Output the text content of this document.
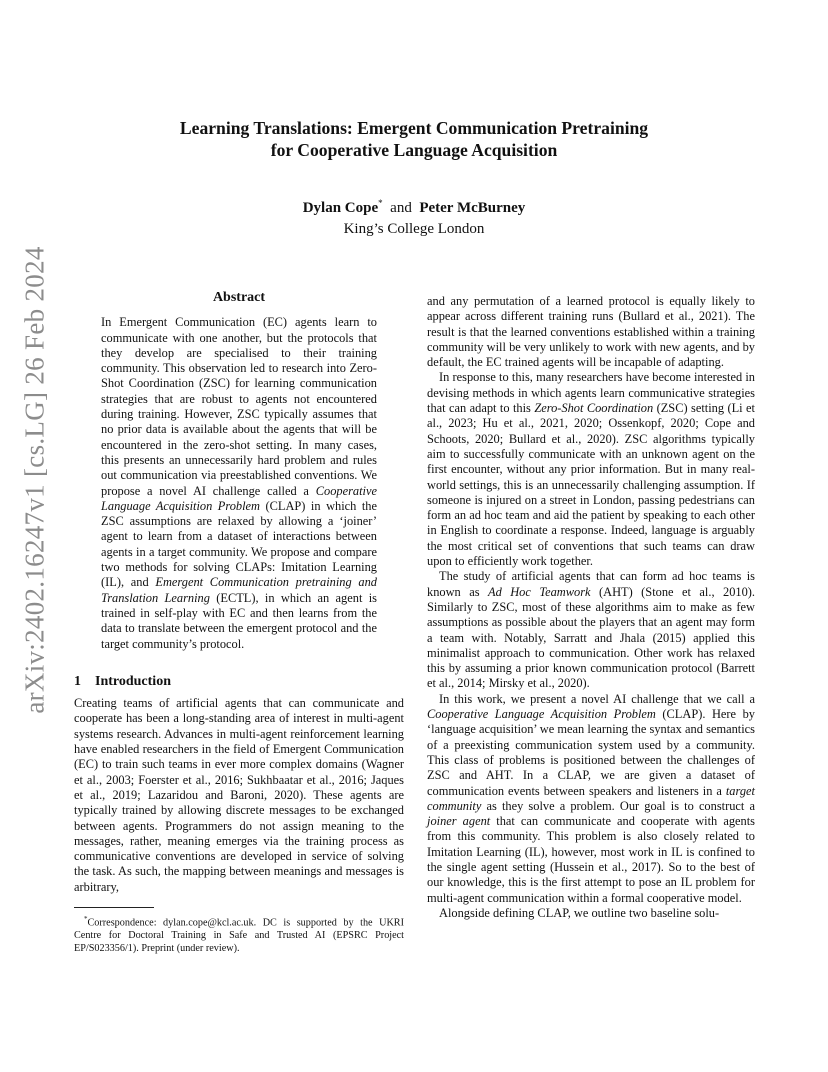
arXiv:2402.16247v1 [cs.LG] 26 Feb 2024
Learning Translations: Emergent Communication Pretraining
for Cooperative Language Acquisition
Dylan Cope* and Peter McBurney
King’s College London
Abstract

In Emergent Communication (EC) agents learn to communicate with one another, but the protocols that they develop are specialised to their training community. This observation led to research into Zero-Shot Coordination (ZSC) for learning communication strategies that are robust to agents not encountered during training. However, ZSC typically assumes that no prior data is available about the agents that will be encountered in the zero-shot setting. In many cases, this presents an unnecessarily hard problem and rules out communication via preestablished conventions. We propose a novel AI challenge called a Cooperative Language Acquisition Problem (CLAP) in which the ZSC assumptions are relaxed by allowing a ‘joiner’ agent to learn from a dataset of interactions between agents in a target community. We propose and compare two methods for solving CLAPs: Imitation Learning (IL), and Emergent Communication pretraining and Translation Learning (ECTL), in which an agent is trained in self-play with EC and then learns from the data to translate between the emergent protocol and the target community’s protocol.

1 Introduction

Creating teams of artificial agents that can communicate and cooperate has been a long-standing area of interest in multi-agent systems research. Advances in multi-agent reinforcement learning have enabled researchers in the field of Emergent Communication (EC) to train such teams in ever more complex domains (Wagner et al., 2003; Foerster et al., 2016; Sukhbaatar et al., 2016; Jaques et al., 2019; Lazaridou and Baroni, 2020). These agents are typically trained by allowing discrete messages to be exchanged between agents. Programmers do not assign meaning to the messages, rather, meaning emerges via the training process as communicative conventions are developed in service of solving the task. As such, the mapping between meanings and messages is arbitrary,

*Correspondence: dylan.cope@kcl.ac.uk. DC is supported by the UKRI Centre for Doctoral Training in Safe and Trusted AI (EPSRC Project EP/S023356/1). Preprint (under review).

and any permutation of a learned protocol is equally likely to appear across different training runs (Bullard et al., 2021). The result is that the learned conventions established within a training community will be very unlikely to work with new agents, and by default, the EC trained agents will be incapable of adapting.

In response to this, many researchers have become interested in devising methods in which agents learn communicative strategies that can adapt to this Zero-Shot Coordination (ZSC) setting (Li et al., 2023; Hu et al., 2021, 2020; Ossenkopf, 2020; Cope and Schoots, 2020; Bullard et al., 2020). ZSC algorithms typically aim to successfully communicate with an unknown agent on the first encounter, without any prior information. But in many real-world settings, this is an unnecessarily challenging assumption. If someone is injured on a street in London, passing pedestrians can form an ad hoc team and aid the patient by speaking to each other in English to coordinate a response. Indeed, language is arguably the most critical set of conventions that such teams can draw upon to efficiently work together.

The study of artificial agents that can form ad hoc teams is known as Ad Hoc Teamwork (AHT) (Stone et al., 2010). Similarly to ZSC, most of these algorithms aim to make as few assumptions as possible about the players that an agent may form a team with. Notably, Sarratt and Jhala (2015) applied this minimalist approach to communication. Other work has relaxed this by assuming a prior known communication protocol (Barrett et al., 2014; Mirsky et al., 2020).

In this work, we present a novel AI challenge that we call a Cooperative Language Acquisition Problem (CLAP). Here by ‘language acquisition’ we mean learning the syntax and semantics of a preexisting communication system used by a community. This class of problems is positioned between the challenges of ZSC and AHT. In a CLAP, we are given a dataset of communication events between speakers and listeners in a target community as they solve a problem. Our goal is to construct a joiner agent that can communicate and cooperate with agents from this community. This problem is also closely related to Imitation Learning (IL), however, most work in IL is confined to the single agent setting (Hussein et al., 2017). So to the best of our knowledge, this is the first attempt to pose an IL problem for multi-agent communication within a formal cooperative model.

Alongside defining CLAP, we outline two baseline solu-
